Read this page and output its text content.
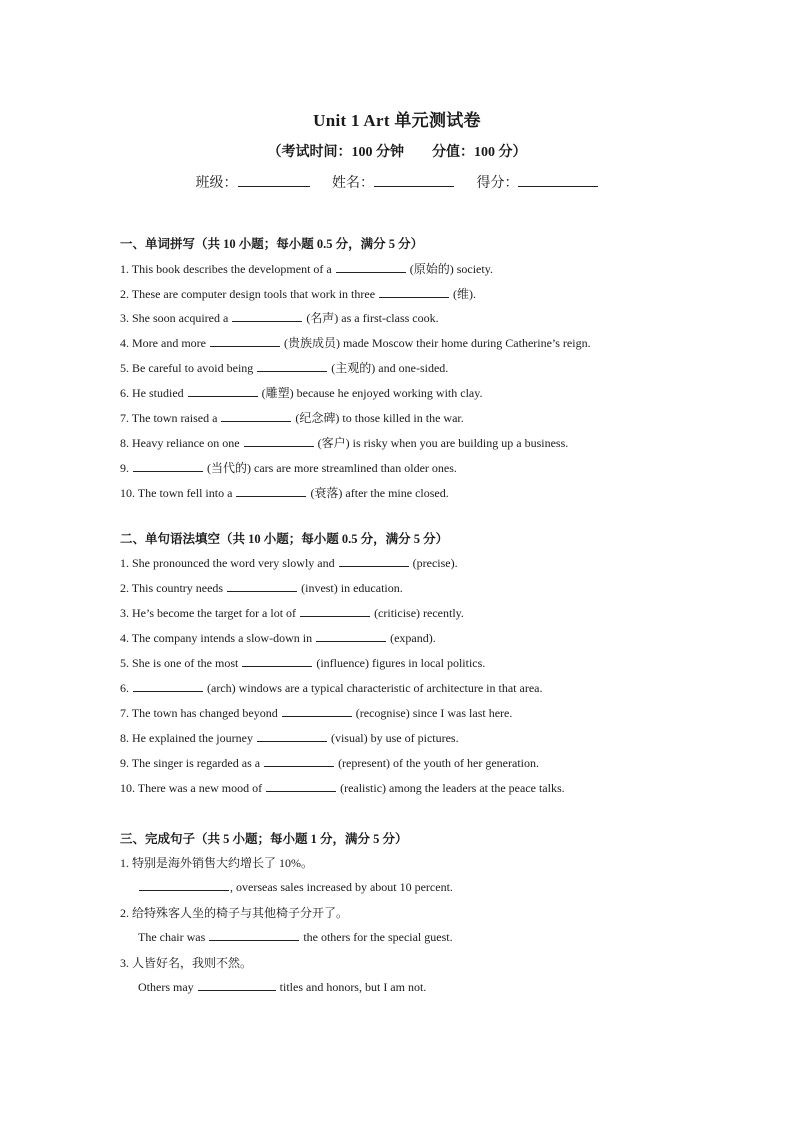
Unit 1 Art 单元测试卷
（考试时间：100 分钟 分值：100 分）
班级：	姓名：	得分：
一、单词拼写（共 10 小题；每小题 0.5 分，满分 5 分）
1. This book describes the development of a	(原始的) society.
2. These are computer design tools that work in three	(维).
3. She soon acquired a	(名声) as a first-class cook.
4. More and more	(贵族成员) made Moscow their home during Catherine’s reign.
5. Be careful to avoid being	(主观的) and one-sided.
6. He studied	(雕塑) because he enjoyed working with clay.
7. The town raised a	(纪念碑) to those killed in the war.
8. Heavy reliance on one	(客户) is risky when you are building up a business.
9.	(当代的) cars are more streamlined than older ones.
10. The town fell into a	(衰落) after the mine closed.
二、单句语法填空（共 10 小题；每小题 0.5 分，满分 5 分）
1. She pronounced the word very slowly and	(precise).
2. This country needs	(invest) in education.
3. He’s become the target for a lot of	(criticise) recently.
4. The company intends a slow-down in	(expand).
5. She is one of the most	(influence) figures in local politics.
6.	(arch) windows are a typical characteristic of architecture in that area.
7. The town has changed beyond	(recognise) since I was last here.
8. He explained the journey	(visual) by use of pictures.
9. The singer is regarded as a	(represent) of the youth of her generation.
10. There was a new mood of	(realistic) among the leaders at the peace talks.
三、完成句子（共 5 小题；每小题 1 分，满分 5 分）
1. 特别是海外销售大约增长了 10%。
, overseas sales increased by about 10 percent.
2. 给特殊客人坐的椅子与其他椅子分开了。
The chair was	the others for the special guest.
3. 人皆好名，我则不然。
Others may	titles and honors, but I am not.
